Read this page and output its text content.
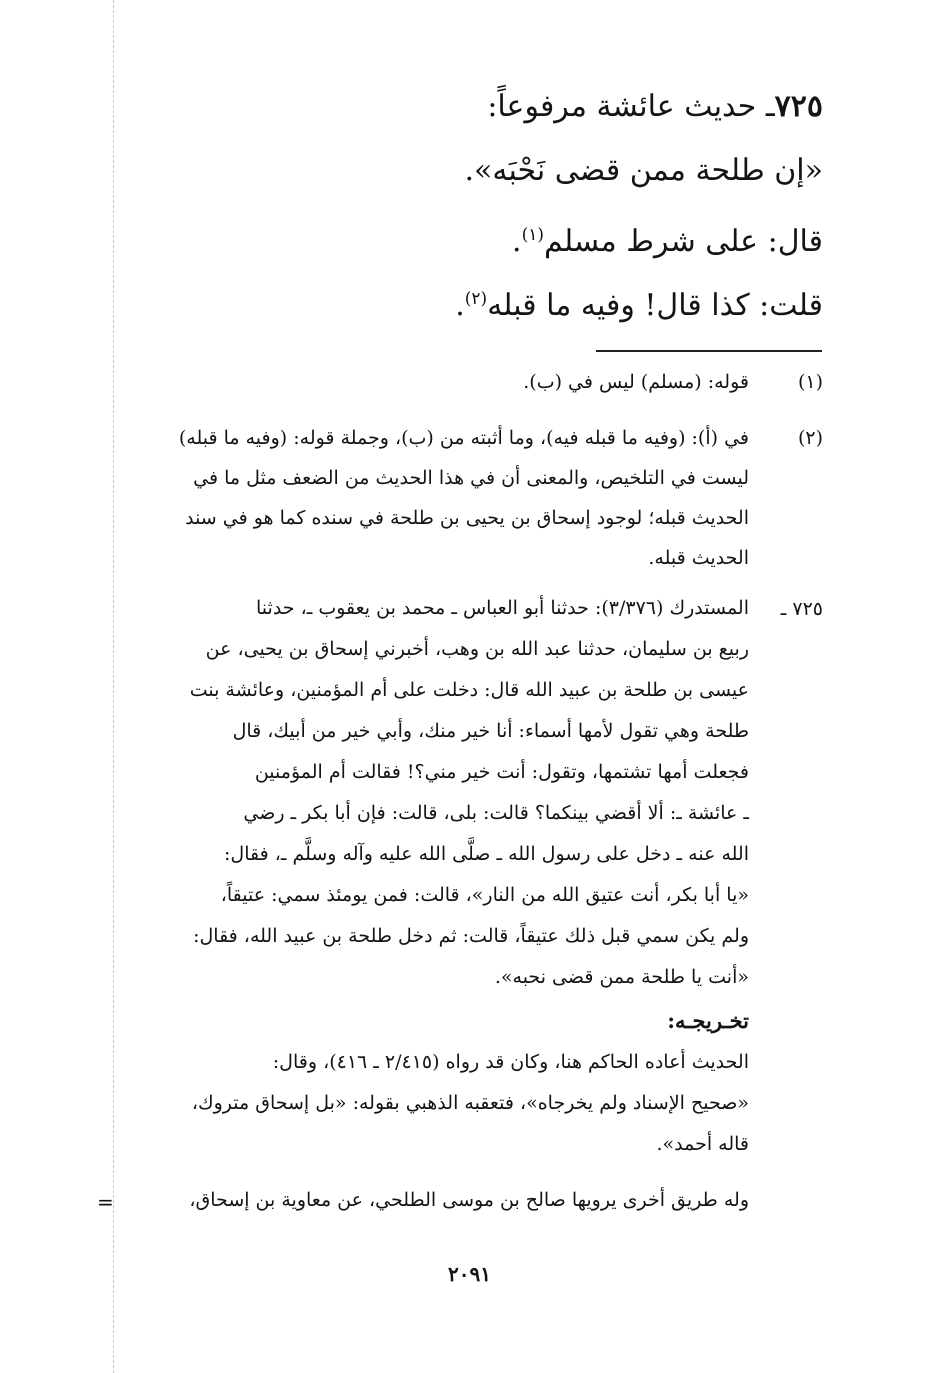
٧٢٥ـ حديث عائشة مرفوعاً:
«إن طلحة ممن قضى نَحْبَه».
قال: على شرط مسلم$^{(١)}$.
قلت: كذا قال! وفيه ما قبله$^{(٢)}$.
(١)
قوله: (مسلم) ليس في (ب).
(٢)
في (أ): (وفيه ما قبله فيه)، وما أثبته من (ب)، وجملة قوله: (وفيه ما قبله)
ليست في التلخيص، والمعنى أن في هذا الحديث من الضعف مثل ما في
الحديث قبله؛ لوجود إسحاق بن يحيى بن طلحة في سنده كما هو في سند
الحديث قبله.
٧٢٥ ـ
المستدرك (٣/٣٧٦): حدثنا أبو العباس ـ محمد بن يعقوب ـ، حدثنا
ربيع بن سليمان، حدثنا عبد الله بن وهب، أخبرني إسحاق بن يحيى، عن
عيسى بن طلحة بن عبيد الله قال: دخلت على أم المؤمنين، وعائشة بنت
طلحة وهي تقول لأمها أسماء: أنا خير منك، وأبي خير من أبيك، قال
فجعلت أمها تشتمها، وتقول: أنت خير مني؟! فقالت أم المؤمنين
ـ عائشة ـ: ألا أقضي بينكما؟ قالت: بلى، قالت: فإن أبا بكر ـ رضي
الله عنه ـ دخل على رسول الله ـ صلَّى الله عليه وآله وسلَّم ـ، فقال:
«يا أبا بكر، أنت عتيق الله من النار»، قالت: فمن يومئذ سمي: عتيقاً،
ولم يكن سمي قبل ذلك عتيقاً، قالت: ثم دخل طلحة بن عبيد الله، فقال:
«أنت يا طلحة ممن قضى نحبه».
تخـريجـه:
الحديث أعاده الحاكم هنا، وكان قد رواه (٢/٤١٥ ـ ٤١٦)، وقال:
«صحيح الإسناد ولم يخرجاه»، فتعقبه الذهبي بقوله: «بل إسحاق متروك،
قاله أحمد».
وله طريق أخرى يرويها صالح بن موسى الطلحي، عن معاوية بن إسحاق،
=
٢٠٩١
